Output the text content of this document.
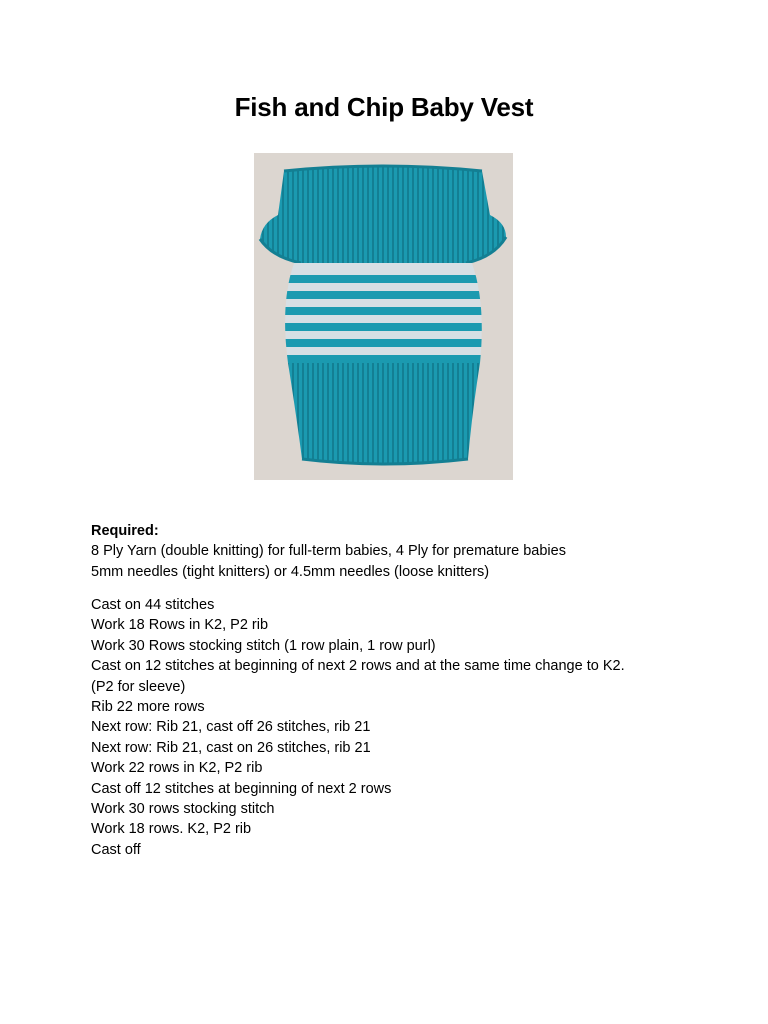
Fish and Chip Baby Vest

Required:

8 Ply Yarn (double knitting) for full-term babies, 4 Ply for premature babies

5mm needles (tight knitters) or 4.5mm needles (loose knitters)

Cast on 44 stitches

Work 18 Rows in K2, P2 rib

Work 30 Rows stocking stitch (1 row plain, 1 row purl)

Cast on 12 stitches at beginning of next 2 rows and at the same time change to K2.

(P2 for sleeve)

Rib 22 more rows

Next row: Rib 21, cast off 26 stitches, rib 21

Next row: Rib 21, cast on 26 stitches, rib 21

Work 22 rows in K2, P2 rib

Cast off 12 stitches at beginning of next 2 rows

Work 30 rows stocking stitch

Work 18 rows. K2, P2 rib

Cast off
